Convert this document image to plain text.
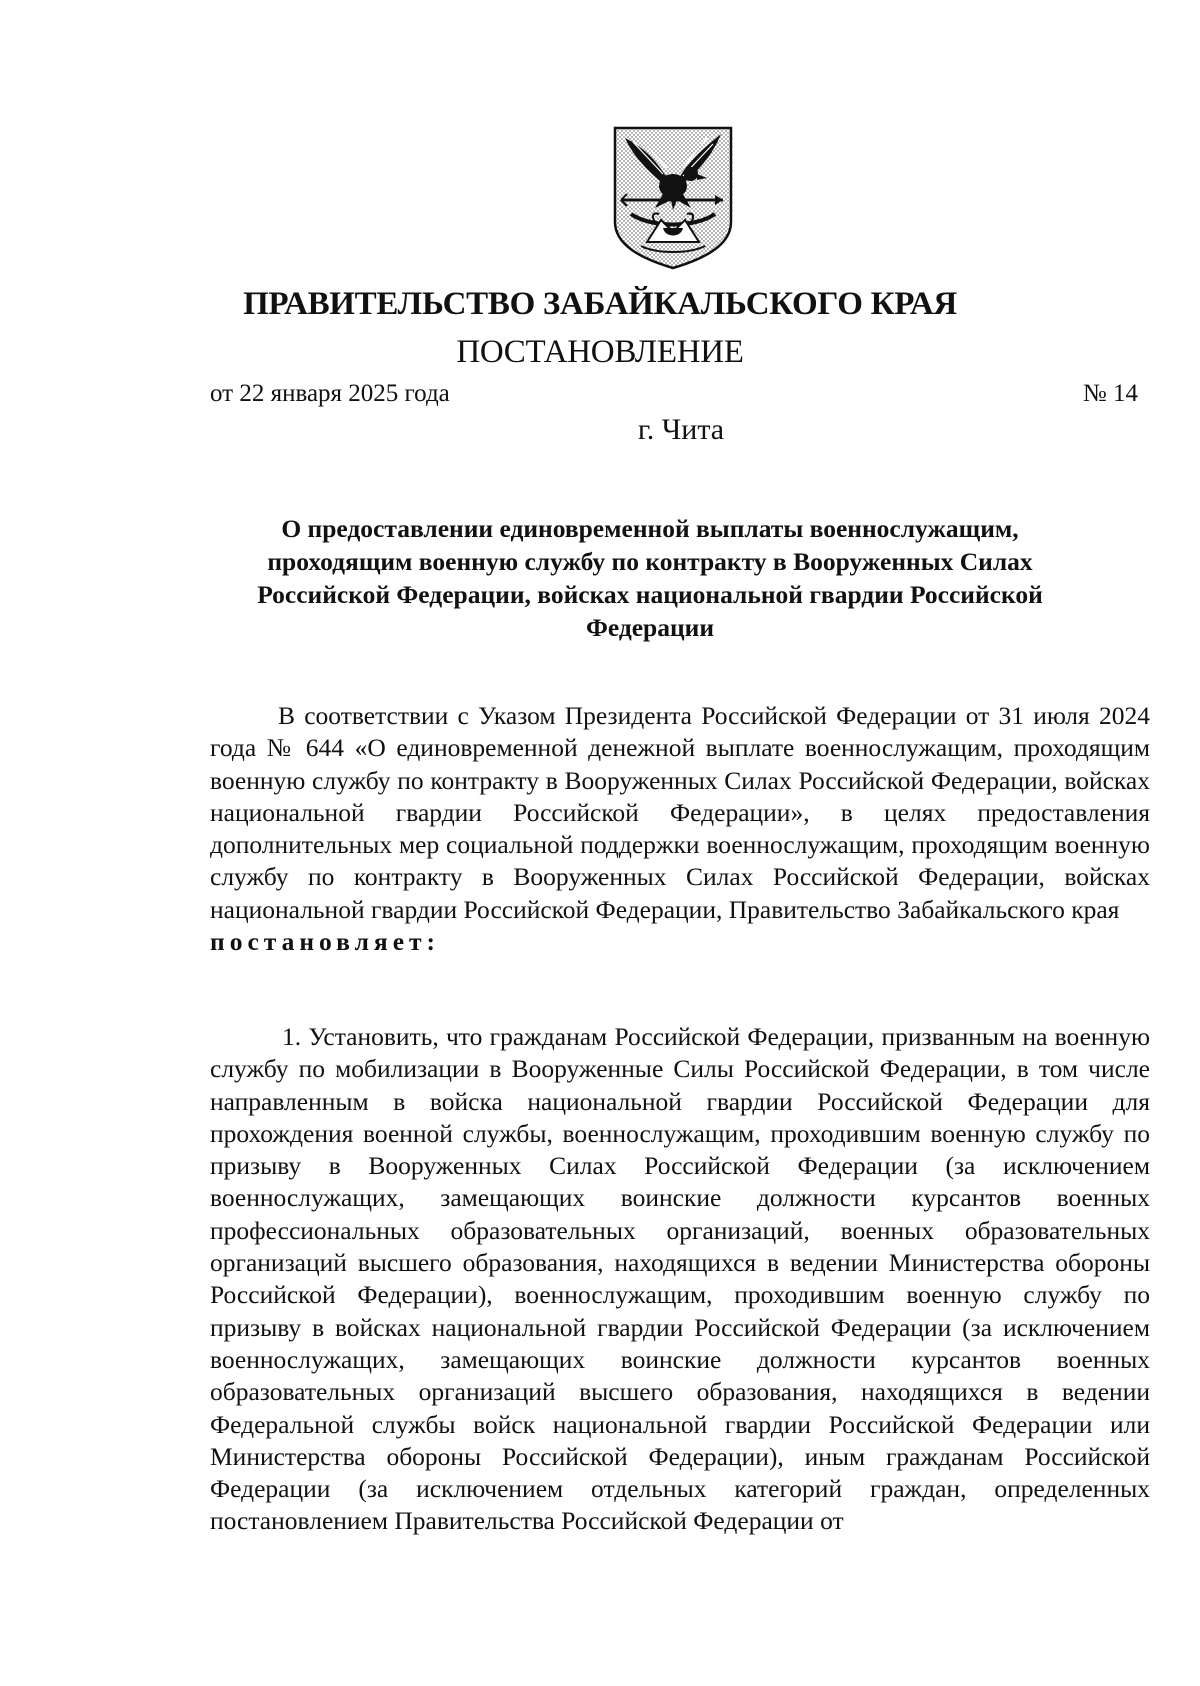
ПРАВИТЕЛЬСТВО ЗАБАЙКАЛЬСКОГО КРАЯ
ПОСТАНОВЛЕНИЕ
от 22 января 2025 года	№ 14
г. Чита
О предоставлении единовременной выплаты военнослужащим, проходящим военную службу по контракту в Вооруженных Силах Российской Федерации, войсках национальной гвардии Российской Федерации
В соответствии с Указом Президента Российской Федерации от 31 июля 2024 года № 644 «О единовременной денежной выплате военнослужащим, проходящим военную службу по контракту в Вооруженных Силах Российской Федерации, войсках национальной гвардии Российской Федерации», в целях предоставления дополнительных мер социальной поддержки военнослужащим, проходящим военную службу по контракту в Вооруженных Силах Российской Федерации, войсках национальной гвардии Российской Федерации, Правительство Забайкальского края
постановляет:
1. Установить, что гражданам Российской Федерации, призванным на военную службу по мобилизации в Вооруженные Силы Российской Федерации, в том числе направленным в войска национальной гвардии Российской Федерации для прохождения военной службы, военнослужащим, проходившим военную службу по призыву в Вооруженных Силах Российской Федерации (за исключением военнослужащих, замещающих воинские должности курсантов военных профессиональных образовательных организаций, военных образовательных организаций высшего образования, находящихся в ведении Министерства обороны Российской Федерации), военнослужащим, проходившим военную службу по призыву в войсках национальной гвардии Российской Федерации (за исключением военнослужащих, замещающих воинские должности курсантов военных образовательных организаций высшего образования, находящихся в ведении Федеральной службы войск национальной гвардии Российской Федерации или Министерства обороны Российской Федерации), иным гражданам Российской Федерации (за исключением отдельных категорий граждан, определенных постановлением Правительства Российской Федерации от
